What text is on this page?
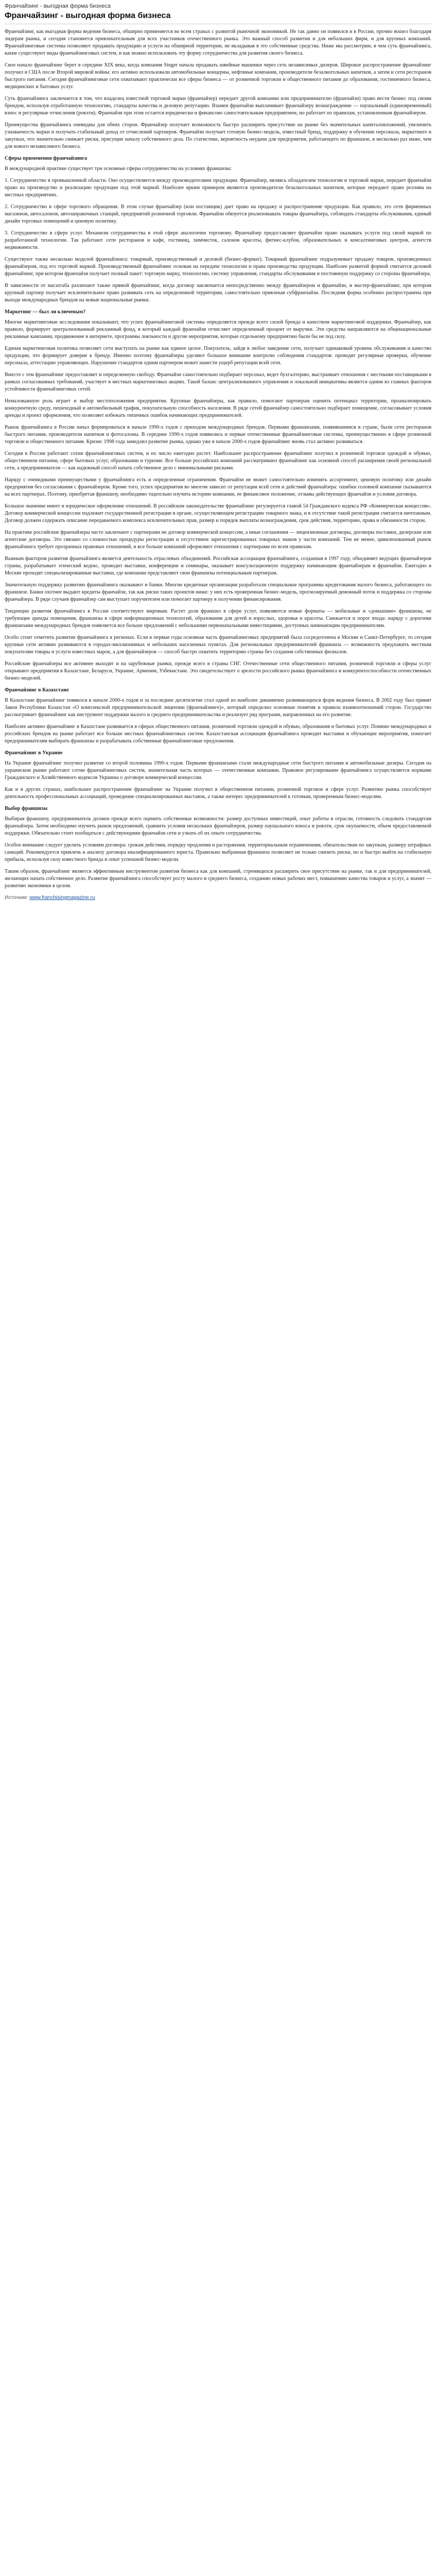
Франчайзинг - выгодная форма бизнеса
Франчайзинг - выгодная форма бизнеса

Франчайзинг, как выгодная форма ведения бизнеса, обширно применяется во всем странах с развитой рыночной экономикой. Не так давно он появился и в России, прочно вошел благодаря лидерам рынка, и сегодня становится привлекательным для всех участников отечественного рынка. Это важный способ развития и для небольших фирм, и для крупных компаний. Франчайзинговые системы позволяют продавать продукцию и услуги на обширной территории, не вкладывая в это собственные средства. Ниже мы рассмотрим, в чем суть франчайзинга, какие существуют виды франчайзинговых систем, и как можно использовать эту форму сотрудничества для развития своего бизнеса.

Свое начало франчайзинг берет в середине XIX века, когда компания Singer начала продавать швейные машинки через сеть независимых дилеров. Широкое распространение франчайзинг получил в США после Второй мировой войны: его активно использовали автомобильные концерны, нефтяные компании, производители безалкогольных напитков, а затем и сети ресторанов быстрого питания. Сегодня франчайзинговые сети охватывают практически все сферы бизнеса — от розничной торговли и общественного питания до образования, гостиничного бизнеса, медицинских и бытовых услуг.

Суть франчайзинга заключается в том, что владелец известной торговой марки (франчайзер) передает другой компании или предпринимателю (франчайзи) право вести бизнес под своим брендом, используя отработанную технологию, стандарты качества и деловую репутацию. Взамен франчайзи выплачивает франчайзеру вознаграждение — паушальный (единовременный) взнос и регулярные отчисления (роялти). Франчайзи при этом остается юридически и финансово самостоятельным предприятием, но работает по правилам, установленным франчайзером.

Преимущества франчайзинга очевидны для обеих сторон. Франчайзер получает возможность быстро расширить присутствие на рынке без значительных капиталовложений, увеличить узнаваемость марки и получать стабильный доход от отчислений партнеров. Франчайзи получает готовую бизнес-модель, известный бренд, поддержку в обучении персонала, маркетинге и закупках, что значительно снижает риски, присущие началу собственного дела. По статистике, вероятность неудачи для предприятия, работающего по франшизе, в несколько раз ниже, чем для нового независимого бизнеса.

Сферы применения франчайзинга

В международной практике существует три основные сферы сотрудничества на условиях франшизы:

1. Сотрудничество в промышленной области. Оно осуществляется между производителями продукции. Франчайзер, являясь обладателем технологии и торговой марки, передает франчайзи право на производство и реализацию продукции под этой маркой. Наиболее ярким примером являются производители безалкогольных напитков, которые передают право розлива на местных предприятиях.

2. Сотрудничество в сфере торгового обращения. В этом случае франчайзер (или поставщик) дает право на продажу и распространение продукции. Как правило, это сети фирменных магазинов, автосалонов, автозаправочных станций, предприятий розничной торговли. Франчайзи обязуется реализовывать товары франчайзера, соблюдать стандарты обслуживания, единый дизайн торговых помещений и ценовую политику.

3. Сотрудничество в сфере услуг. Механизм сотрудничества в этой сфере аналогичен торговому. Франчайзер предоставляет франчайзи право оказывать услуги под своей маркой по разработанной технологии. Так работают сети ресторанов и кафе, гостиниц, химчисток, салонов красоты, фитнес-клубов, образовательных и консалтинговых центров, агентств недвижимости.

Существуют также несколько моделей франчайзинга: товарный, производственный и деловой (бизнес-формат). Товарный франчайзинг подразумевает продажу товаров, произведенных франчайзером, под его торговой маркой. Производственный франчайзинг основан на передаче технологии и права производства продукции. Наиболее развитой формой считается деловой франчайзинг, при котором франчайзи получает полный пакет: торговую марку, технологию, систему управления, стандарты обслуживания и постоянную поддержку со стороны франчайзера.

В зависимости от масштаба различают также прямой франчайзинг, когда договор заключается непосредственно между франчайзером и франчайзи, и мастер-франчайзинг, при котором крупный партнер получает исключительное право развивать сеть на определенной территории, самостоятельно привлекая субфранчайзи. Последняя форма особенно распространена при выходе международных брендов на новые национальные рынки.

Маркетинг — был ли ключевым?

Многие маркетинговые исследования показывают, что успех франчайзинговой системы определяется прежде всего силой бренда и качеством маркетинговой поддержки. Франчайзер, как правило, формирует централизованный рекламный фонд, в который каждый франчайзи отчисляет определенный процент от выручки. Эти средства направляются на общенациональные рекламные кампании, продвижение в интернете, программы лояльности и другие мероприятия, которые отдельному предприятию были бы не под силу.

Единая маркетинговая политика позволяет сети выступать на рынке как единое целое. Покупатель, зайдя в любое заведение сети, получает одинаковый уровень обслуживания и качество продукции, что формирует доверие к бренду. Именно поэтому франчайзеры уделяют большое внимание контролю соблюдения стандартов: проводят регулярные проверки, обучение персонала, аттестацию управляющих. Нарушение стандартов одним партнером может нанести ущерб репутации всей сети.

Вместе с тем франчайзинг предоставляет и определенную свободу. Франчайзи самостоятельно подбирает персонал, ведет бухгалтерию, выстраивает отношения с местными поставщиками в рамках согласованных требований, участвует в местных маркетинговых акциях. Такой баланс централизованного управления и локальной инициативы является одним из главных факторов устойчивости франчайзинговых сетей.

Немаловажную роль играет и выбор местоположения предприятия. Крупные франчайзеры, как правило, помогают партнерам оценить потенциал территории, проанализировать конкурентную среду, пешеходный и автомобильный трафик, покупательную способность населения. В ряде сетей франчайзер самостоятельно подбирает помещение, согласовывает условия аренды и проект оформления, что позволяет избежать типичных ошибок начинающих предпринимателей.

Рынок франчайзинга в России начал формироваться в начале 1990-х годов с приходом международных брендов. Первыми франшизами, появившимися в стране, были сети ресторанов быстрого питания, производители напитков и фотосалоны. В середине 1990-х годов появились и первые отечественные франчайзинговые системы, преимущественно в сфере розничной торговли и общественного питания. Кризис 1998 года замедлил развитие рынка, однако уже в начале 2000-х годов франчайзинг вновь стал активно развиваться.

Сегодня в России работают сотни франчайзинговых систем, и их число ежегодно растет. Наибольшее распространение франчайзинг получил в розничной торговле одеждой и обувью, общественном питании, сфере бытовых услуг, образовании и туризме. Все больше российских компаний рассматривают франчайзинг как основной способ расширения своей региональной сети, а предприниматели — как надежный способ начать собственное дело с минимальными рисками.

Наряду с очевидными преимуществами у франчайзинга есть и определенные ограничения. Франчайзи не может самостоятельно изменять ассортимент, ценовую политику или дизайн предприятия без согласования с франчайзером. Кроме того, успех предприятия во многом зависит от репутации всей сети и действий франчайзера: ошибки головной компании сказываются на всех партнерах. Поэтому, приобретая франшизу, необходимо тщательно изучить историю компании, ее финансовое положение, отзывы действующих франчайзи и условия договора.

Большое значение имеет и юридическое оформление отношений. В российском законодательстве франчайзинг регулируется главой 54 Гражданского кодекса РФ «Коммерческая концессия». Договор коммерческой концессии подлежит государственной регистрации в органе, осуществляющем регистрацию товарного знака, и в отсутствие такой регистрации считается ничтожным. Договор должен содержать описание передаваемого комплекса исключительных прав, размер и порядок выплаты вознаграждения, срок действия, территорию, права и обязанности сторон.

На практике российские франчайзеры часто заключают с партнерами не договор коммерческой концессии, а иные соглашения — лицензионные договоры, договоры поставки, дилерские или агентские договоры. Это связано со сложностью процедуры регистрации и отсутствием зарегистрированных товарных знаков у части компаний. Тем не менее, цивилизованный рынок франчайзинга требует прозрачных правовых отношений, и все больше компаний оформляют отношения с партнерами по всем правилам.

Важным фактором развития франчайзинга является деятельность отраслевых объединений. Российская ассоциация франчайзинга, созданная в 1997 году, объединяет ведущих франчайзеров страны, разрабатывает этический кодекс, проводит выставки, конференции и семинары, оказывает консультационную поддержку начинающим франчайзерам и франчайзи. Ежегодно в Москве проходят специализированные выставки, где компании представляют свои франшизы потенциальным партнерам.

Значительную поддержку развитию франчайзинга оказывают и банки. Многие кредитные организации разработали специальные программы кредитования малого бизнеса, работающего по франшизе. Банки охотнее выдают кредиты франчайзи, так как риски таких проектов ниже: у них есть проверенная бизнес-модель, прогнозируемый денежный поток и поддержка со стороны франчайзера. В ряде случаев франчайзер сам выступает поручителем или помогает партнеру в получении финансирования.

Тенденции развития франчайзинга в России соответствуют мировым. Растет доля франшиз в сфере услуг, появляются новые форматы — мобильные и «домашние» франшизы, не требующие аренды помещения, франшизы в сфере информационных технологий, образования для детей и взрослых, здоровья и красоты. Снижается и порог входа: наряду с дорогими франшизами международных брендов появляется все больше предложений с небольшими первоначальными инвестициями, доступных начинающим предпринимателям.

Особо стоит отметить развитие франчайзинга в регионах. Если в первые годы основная часть франчайзинговых предприятий была сосредоточена в Москве и Санкт-Петербурге, то сегодня крупные сети активно развиваются в городах-миллионниках и небольших населенных пунктах. Для региональных предпринимателей франшиза — возможность предложить местным покупателям товары и услуги известных марок, а для франчайзеров — способ быстро охватить территорию страны без создания собственных филиалов.

Российские франчайзеры все активнее выходят и на зарубежные рынки, прежде всего в страны СНГ. Отечественные сети общественного питания, розничной торговли и сферы услуг открывают предприятия в Казахстане, Беларуси, Украине, Армении, Узбекистане. Это свидетельствует о зрелости российского рынка франчайзинга и конкурентоспособности отечественных бизнес-моделей.

Франчайзинг в Казахстане

В Казахстане франчайзинг появился в начале 2000-х годов и за последнее десятилетие стал одной из наиболее динамично развивающихся форм ведения бизнеса. В 2002 году был принят Закон Республики Казахстан «О комплексной предпринимательской лицензии (франчайзинге)», который определил основные понятия и правила взаимоотношений сторон. Государство рассматривает франчайзинг как инструмент поддержки малого и среднего предпринимательства и реализует ряд программ, направленных на его развитие.

Наиболее активно франчайзинг в Казахстане развивается в сферах общественного питания, розничной торговли одеждой и обувью, образования и бытовых услуг. Помимо международных и российских брендов на рынке работает все больше местных франчайзинговых систем. Казахстанская ассоциация франчайзинга проводит выставки и обучающие мероприятия, помогает предпринимателям выбирать франшизы и разрабатывать собственные франчайзинговые предложения.

Франчайзинг в Украине

На Украине франчайзинг получил развитие со второй половины 1990-х годов. Первыми франшизами стали международные сети быстрого питания и автомобильные дилеры. Сегодня на украинском рынке работают сотни франчайзинговых систем, значительная часть которых — отечественные компании. Правовое регулирование франчайзинга осуществляется нормами Гражданского и Хозяйственного кодексов Украины о договоре коммерческой концессии.

Как и в других странах, наибольшее распространение франчайзинг на Украине получил в общественном питании, розничной торговле и сфере услуг. Развитию рынка способствует деятельность профессиональных ассоциаций, проведение специализированных выставок, а также интерес предпринимателей к готовым, проверенным бизнес-моделям.

Выбор франшизы

Выбирая франшизу, предприниматель должен прежде всего оценить собственные возможности: размер доступных инвестиций, опыт работы в отрасли, готовность следовать стандартам франчайзера. Затем необходимо изучить рынок предложений, сравнить условия нескольких франчайзеров, размер паушального взноса и роялти, срок окупаемости, объем предоставляемой поддержки. Обязательно стоит пообщаться с действующими франчайзи сети и узнать об их опыте сотрудничества.

Особое внимание следует уделить условиям договора: срокам действия, порядку продления и расторжения, территориальным ограничениям, обязательствам по закупкам, размеру штрафных санкций. Рекомендуется привлечь к анализу договора квалифицированного юриста. Правильно выбранная франшиза позволяет не только снизить риски, но и быстро выйти на стабильную прибыль, используя силу известного бренда и опыт успешной бизнес-модели.

Таким образом, франчайзинг является эффективным инструментом развития бизнеса как для компаний, стремящихся расширить свое присутствие на рынке, так и для предпринимателей, желающих начать собственное дело. Развитие франчайзинга способствует росту малого и среднего бизнеса, созданию новых рабочих мест, повышению качества товаров и услуг, а значит — развитию экономики в целом.

Источник: www.franchisingmagazine.ru
